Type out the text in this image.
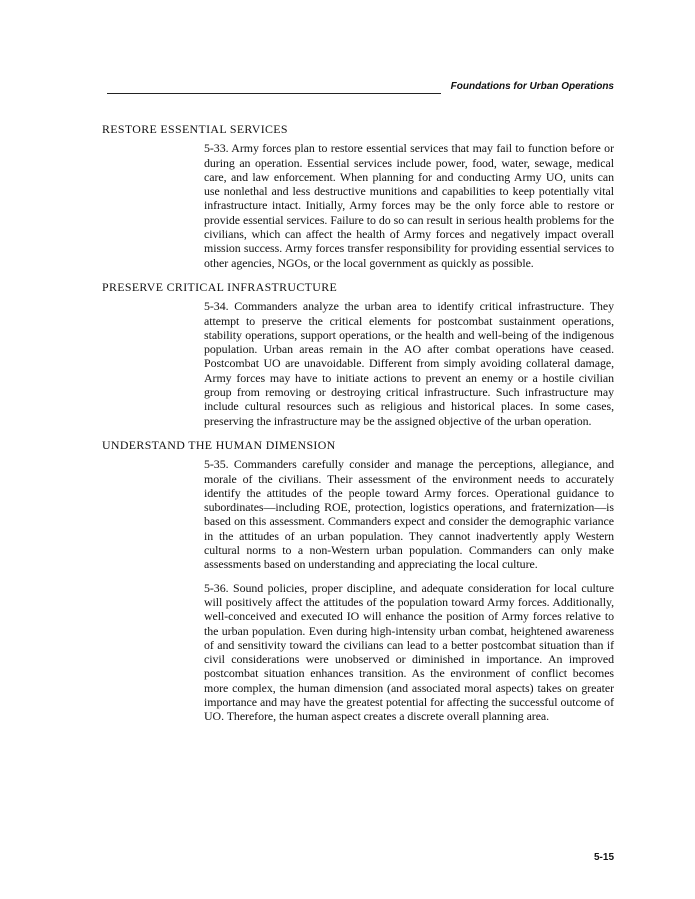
Foundations for Urban Operations
RESTORE ESSENTIAL SERVICES

5-33. Army forces plan to restore essential services that may fail to function before or during an operation. Essential services include power, food, water, sewage, medical care, and law enforcement. When planning for and conducting Army UO, units can use nonlethal and less destructive munitions and capabilities to keep potentially vital infrastructure intact. Initially, Army forces may be the only force able to restore or provide essential services. Failure to do so can result in serious health problems for the civilians, which can affect the health of Army forces and negatively impact overall mission success. Army forces transfer responsibility for providing essential services to other agencies, NGOs, or the local government as quickly as possible.

PRESERVE CRITICAL INFRASTRUCTURE

5-34. Commanders analyze the urban area to identify critical infrastructure. They attempt to preserve the critical elements for postcombat sustainment operations, stability operations, support operations, or the health and well-being of the indigenous population. Urban areas remain in the AO after combat operations have ceased. Postcombat UO are unavoidable. Different from simply avoiding collateral damage, Army forces may have to initiate actions to prevent an enemy or a hostile civilian group from removing or destroying critical infrastructure. Such infrastructure may include cultural resources such as religious and historical places. In some cases, preserving the infrastructure may be the assigned objective of the urban operation.

UNDERSTAND THE HUMAN DIMENSION

5-35. Commanders carefully consider and manage the perceptions, allegiance, and morale of the civilians. Their assessment of the environment needs to accurately identify the attitudes of the people toward Army forces. Operational guidance to subordinates—including ROE, protection, logistics operations, and fraternization—is based on this assessment. Commanders expect and consider the demographic variance in the attitudes of an urban population. They cannot inadvertently apply Western cultural norms to a non-Western urban population. Commanders can only make assessments based on understanding and appreciating the local culture.

5-36. Sound policies, proper discipline, and adequate consideration for local culture will positively affect the attitudes of the population toward Army forces. Additionally, well-conceived and executed IO will enhance the position of Army forces relative to the urban population. Even during high-intensity urban combat, heightened awareness of and sensitivity toward the civilians can lead to a better postcombat situation than if civil considerations were unobserved or diminished in importance. An improved postcombat situation enhances transition. As the environment of conflict becomes more complex, the human dimension (and associated moral aspects) takes on greater importance and may have the greatest potential for affecting the successful outcome of UO. Therefore, the human aspect creates a discrete overall planning area.

5-15
